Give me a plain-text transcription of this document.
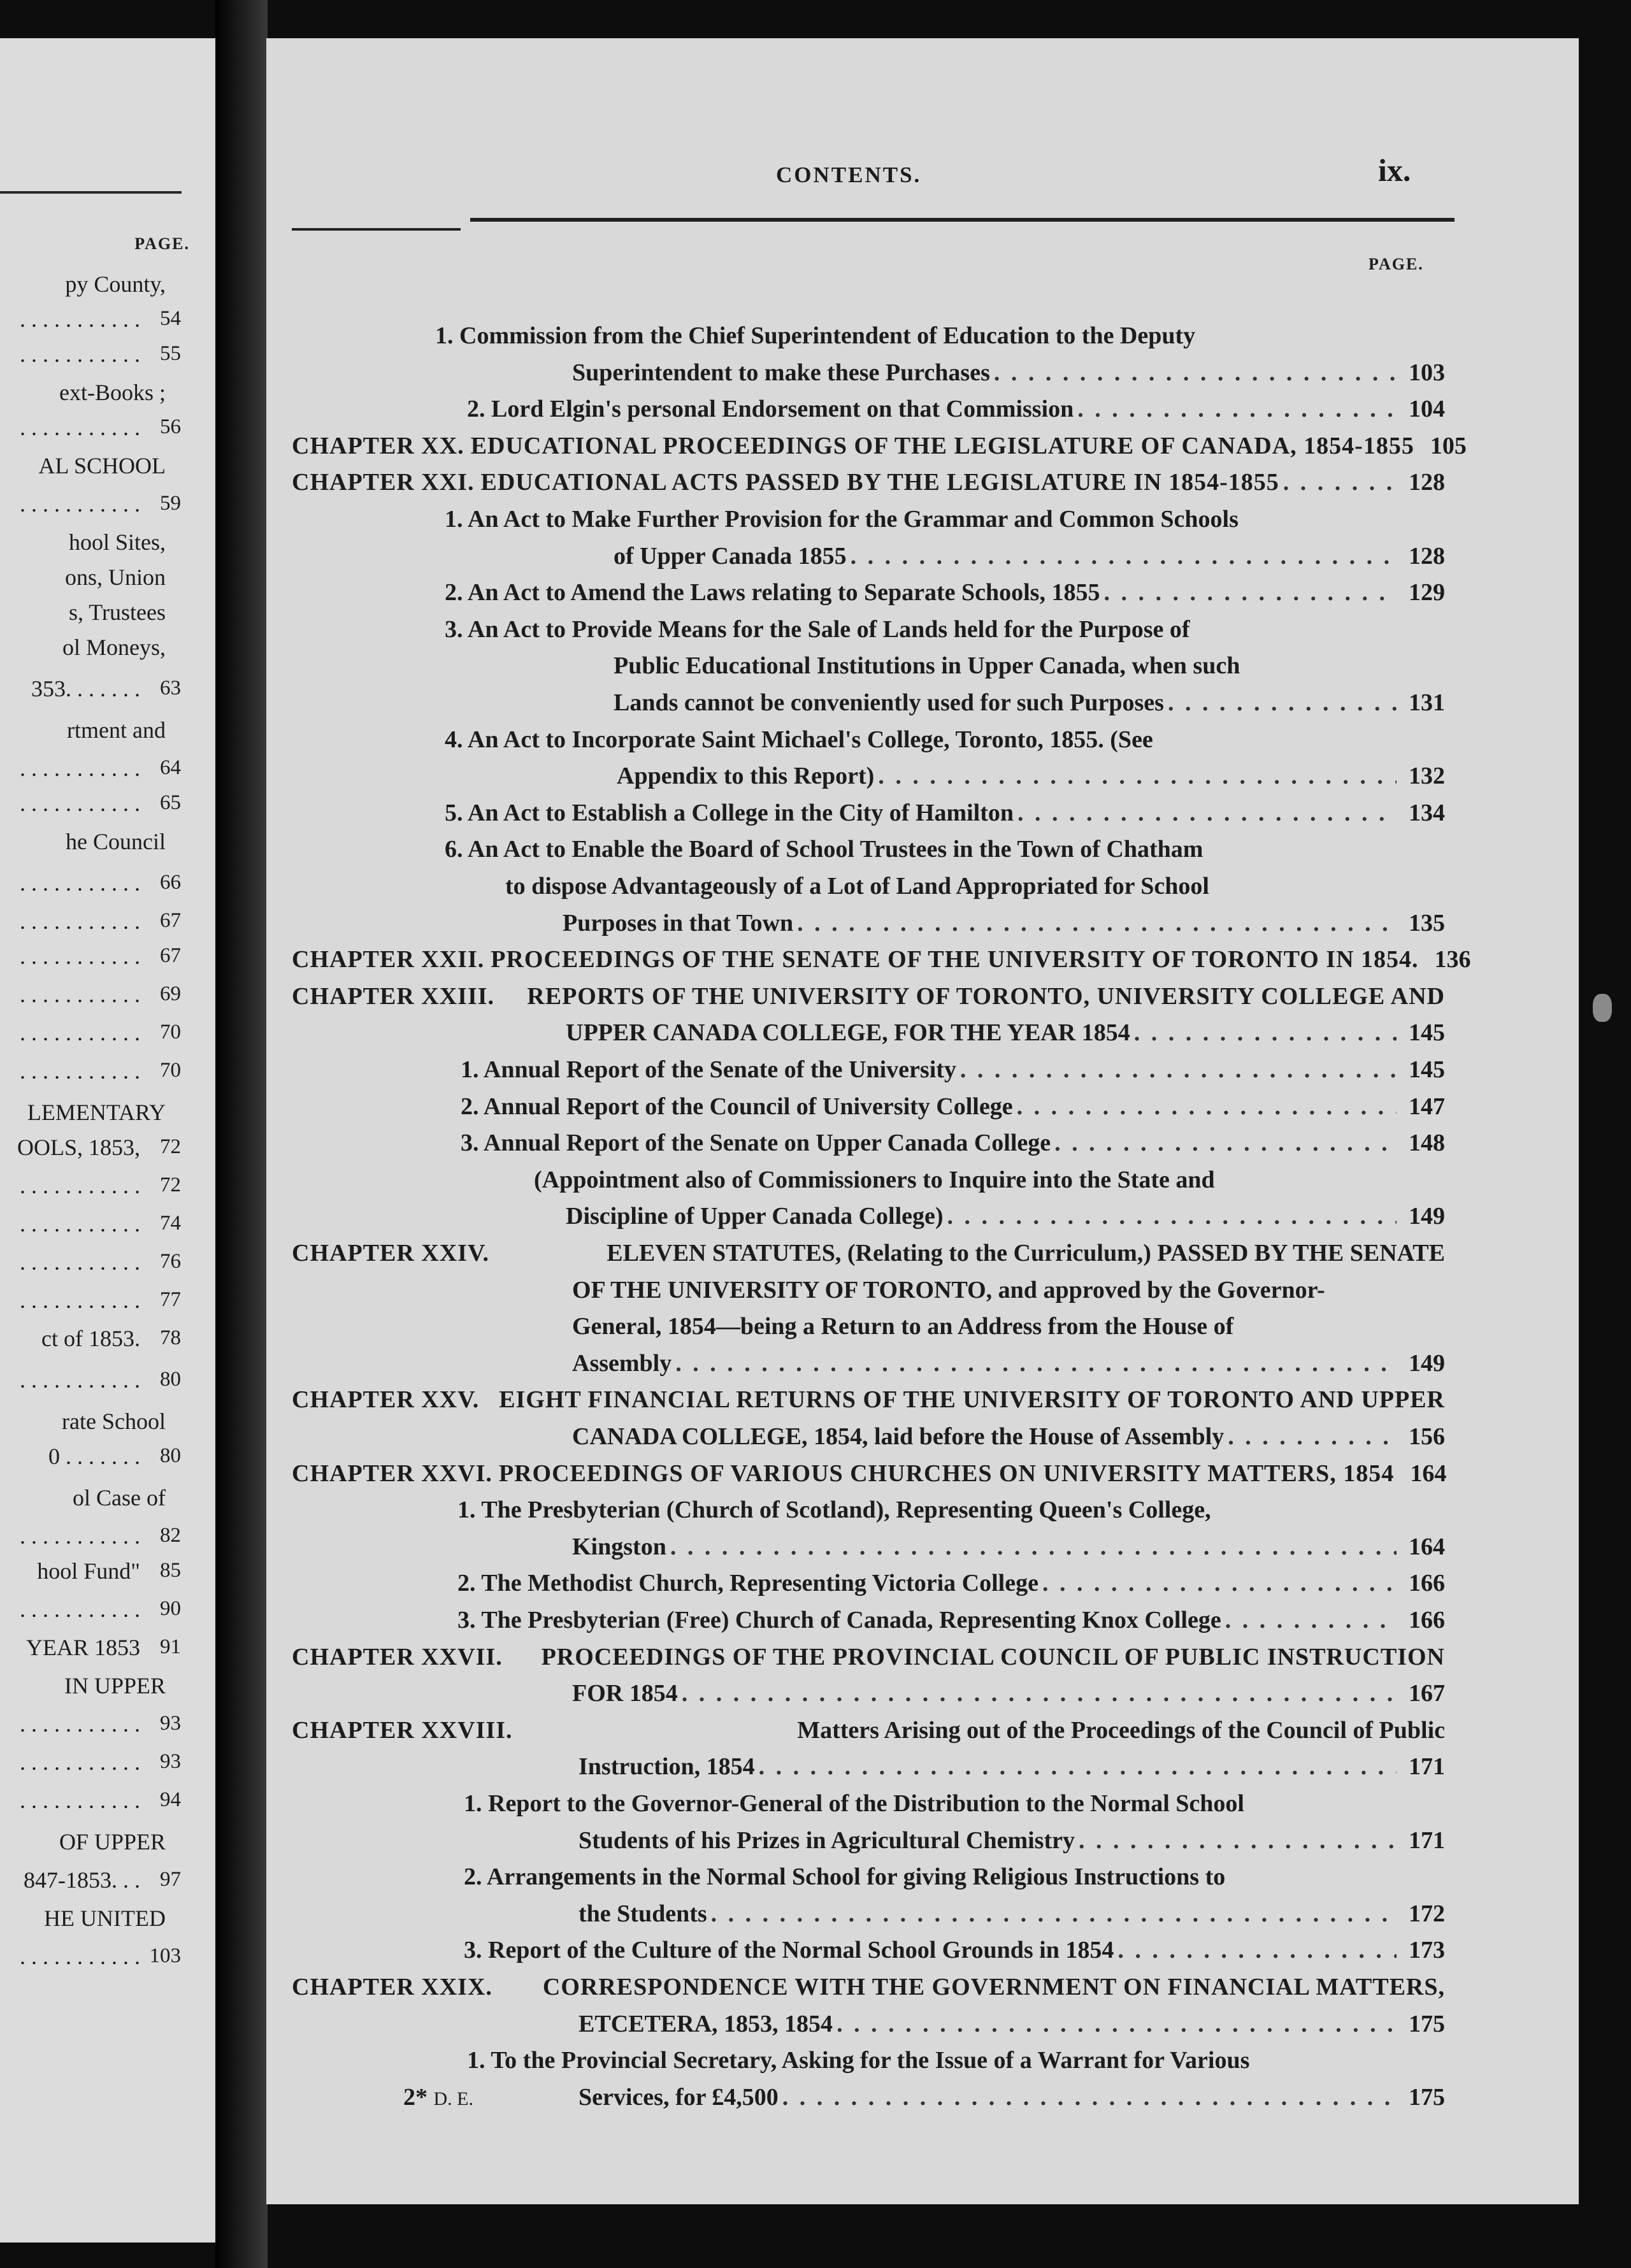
PAGE.
py County,
. . . . . . . . . . . 54
. . . . . . . . . . . 55
ext-Books ;
. . . . . . . . . . . 56
AL SCHOOL
. . . . . . . . . . . 59
hool Sites,
ons, Union
s, Trustees
ol Moneys,
353. . . . . . . 63
rtment and
. . . . . . . . . . . 64
. . . . . . . . . . . 65
he Council
. . . . . . . . . . . 66
. . . . . . . . . . . 67
. . . . . . . . . . . 67
. . . . . . . . . . . 69
. . . . . . . . . . . 70
. . . . . . . . . . . 70
LEMENTARY
OOLS, 1853, 72
. . . . . . . . . . . 72
. . . . . . . . . . . 74
. . . . . . . . . . . 76
. . . . . . . . . . . 77
ct of 1853. 78
. . . . . . . . . . . 80
rate School
0 . . . . . . . 80
ol Case of
. . . . . . . . . . . 82
hool Fund" 85
. . . . . . . . . . . 90
YEAR 1853 91
IN UPPER
. . . . . . . . . . . 93
. . . . . . . . . . . 93
. . . . . . . . . . . 94
OF UPPER
847-1853. . . 97
HE UNITED
. . . . . . . . . . . 103
CONTENTS.	ix.
PAGE.
1. Commission from the Chief Superintendent of Education to the Deputy
Superintendent to make these Purchases . . .	103
2. Lord Elgin's personal Endorsement on that Commission . . .	104
CHAPTER XX. EDUCATIONAL PROCEEDINGS OF THE LEGISLATURE OF CANADA, 1854-1855 105
CHAPTER XXI. EDUCATIONAL ACTS PASSED BY THE LEGISLATURE IN 1854-1855 . . .	128
1. An Act to Make Further Provision for the Grammar and Common Schools
of Upper Canada 1855 . . .	128
2. An Act to Amend the Laws relating to Separate Schools, 1855 . . .	129
3. An Act to Provide Means for the Sale of Lands held for the Purpose of
Public Educational Institutions in Upper Canada, when such
Lands cannot be conveniently used for such Purposes . . .	131
4. An Act to Incorporate Saint Michael's College, Toronto, 1855. (See
Appendix to this Report) . . .	132
5. An Act to Establish a College in the City of Hamilton . . .	134
6. An Act to Enable the Board of School Trustees in the Town of Chatham
to dispose Advantageously of a Lot of Land Appropriated for School
Purposes in that Town . . .	135
CHAPTER XXII. PROCEEDINGS OF THE SENATE OF THE UNIVERSITY OF TORONTO IN 1854. 136
CHAPTER XXIII. REPORTS OF THE UNIVERSITY OF TORONTO, UNIVERSITY COLLEGE AND
UPPER CANADA COLLEGE, FOR THE YEAR 1854 . . .	145
1. Annual Report of the Senate of the University . . .	145
2. Annual Report of the Council of University College . . .	147
3. Annual Report of the Senate on Upper Canada College . . .	148
(Appointment also of Commissioners to Inquire into the State and
Discipline of Upper Canada College) . . .	149
CHAPTER XXIV.	ELEVEN STATUTES, (Relating to the Curriculum,) PASSED BY THE SENATE
OF THE UNIVERSITY OF TORONTO, and approved by the Governor-
General, 1854—being a Return to an Address from the House of
Assembly . . .	149
CHAPTER XXV. EIGHT FINANCIAL RETURNS OF THE UNIVERSITY OF TORONTO AND UPPER
CANADA COLLEGE, 1854, laid before the House of Assembly . . .	156
CHAPTER XXVI. PROCEEDINGS OF VARIOUS CHURCHES ON UNIVERSITY MATTERS, 1854 164
1. The Presbyterian (Church of Scotland), Representing Queen's College,
Kingston . . .	164
2. The Methodist Church, Representing Victoria College . . .	166
3. The Presbyterian (Free) Church of Canada, Representing Knox College . . .	166
CHAPTER XXVII. PROCEEDINGS OF THE PROVINCIAL COUNCIL OF PUBLIC INSTRUCTION
FOR 1854 . . .	167
CHAPTER XXVIII.	Matters Arising out of the Proceedings of the Council of Public
Instruction, 1854 . . .	171
1. Report to the Governor-General of the Distribution to the Normal School
Students of his Prizes in Agricultural Chemistry . . .	171
2. Arrangements in the Normal School for giving Religious Instructions to
the Students . . .	172
3. Report of the Culture of the Normal School Grounds in 1854 . . .	173
CHAPTER XXIX. CORRESPONDENCE WITH THE GOVERNMENT ON FINANCIAL MATTERS,
ETCETERA, 1853, 1854 . . .	175
1. To the Provincial Secretary, Asking for the Issue of a Warrant for Various
Services, for £4,500 . . .	175
2* D. E.
